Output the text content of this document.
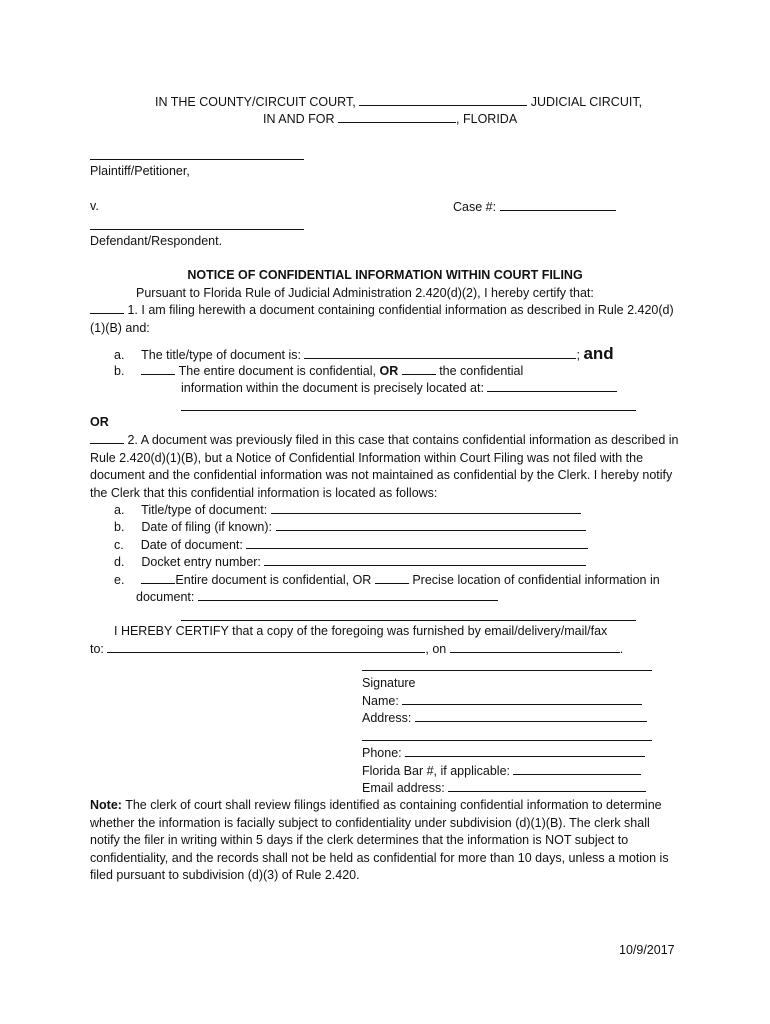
IN THE COUNTY/CIRCUIT COURT,	JUDICIAL CIRCUIT,
IN AND FOR	, FLORIDA
Plaintiff/Petitioner,
v.	Case #:
Defendant/Respondent.
NOTICE OF CONFIDENTIAL INFORMATION WITHIN COURT FILING
Pursuant to Florida Rule of Judicial Administration 2.420(d)(2), I hereby certify that:
1. I am filing herewith a document containing confidential information as described in Rule 2.420(d)(1)(B) and:
a. The title/type of document is:	; and
b.	The entire document is confidential, OR	the confidential
information within the document is precisely located at:
OR
2. A document was previously filed in this case that contains confidential information as described in Rule 2.420(d)(1)(B), but a Notice of Confidential Information within Court Filing was not filed with the document and the confidential information was not maintained as confidential by the Clerk. I hereby notify the Clerk that this confidential information is located as follows:
a. Title/type of document:
b. Date of filing (if known):
c. Date of document:
d. Docket entry number:
e.	Entire document is confidential, OR	Precise location of confidential information in
document:
I HEREBY CERTIFY that a copy of the foregoing was furnished by email/delivery/mail/fax
to:	, on	.
Signature
Name:
Address:
Phone:
Florida Bar #, if applicable:
Email address:
Note: The clerk of court shall review filings identified as containing confidential information to determine whether the information is facially subject to confidentiality under subdivision (d)(1)(B). The clerk shall notify the filer in writing within 5 days if the clerk determines that the information is NOT subject to confidentiality, and the records shall not be held as confidential for more than 10 days, unless a motion is filed pursuant to subdivision (d)(3) of Rule 2.420.
10/9/2017
